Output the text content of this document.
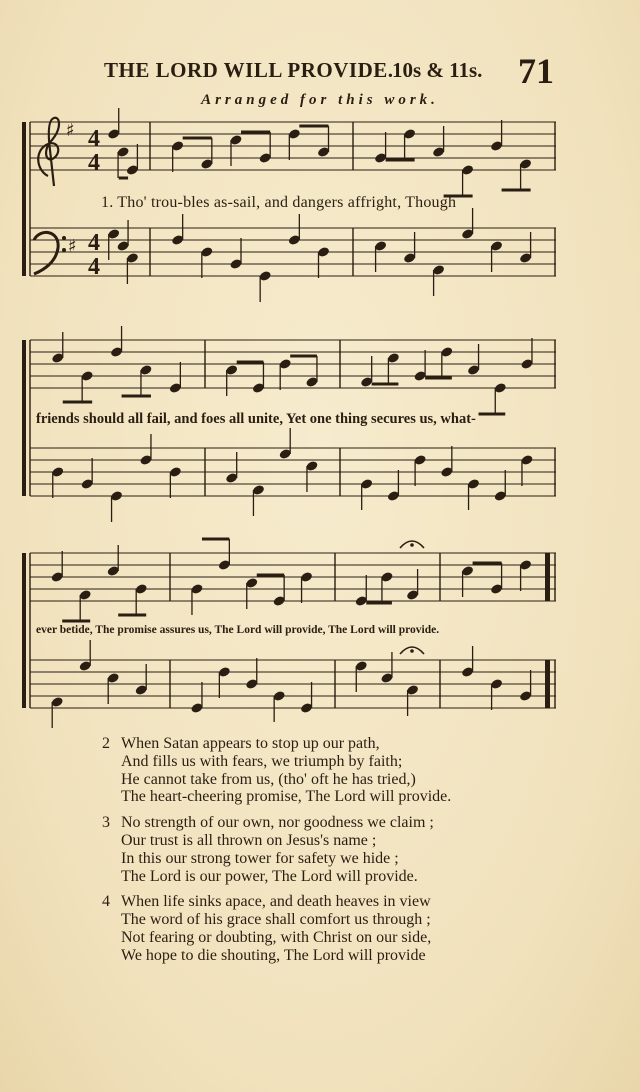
THE LORD WILL PROVIDE.
10s & 11s. 71
Arranged for this work.
♯
♯
4
4
4
4
1. Tho' trou-bles as-sail, and dangers affright, Though
friends should all fail, and foes all unite, Yet one thing secures us, what-
ever betide, The promise assures us, The Lord will provide, The Lord will provide.
2 When Satan appears to stop up our path,
And fills us with fears, we triumph by faith;
He cannot take from us, (tho' oft he has tried,)
The heart-cheering promise, The Lord will provide.
3 No strength of our own, nor goodness we claim ;
Our trust is all thrown on Jesus's name ;
In this our strong tower for safety we hide ;
The Lord is our power, The Lord will provide.
4 When life sinks apace, and death heaves in view
The word of his grace shall comfort us through ;
Not fearing or doubting, with Christ on our side,
We hope to die shouting, The Lord will provide
